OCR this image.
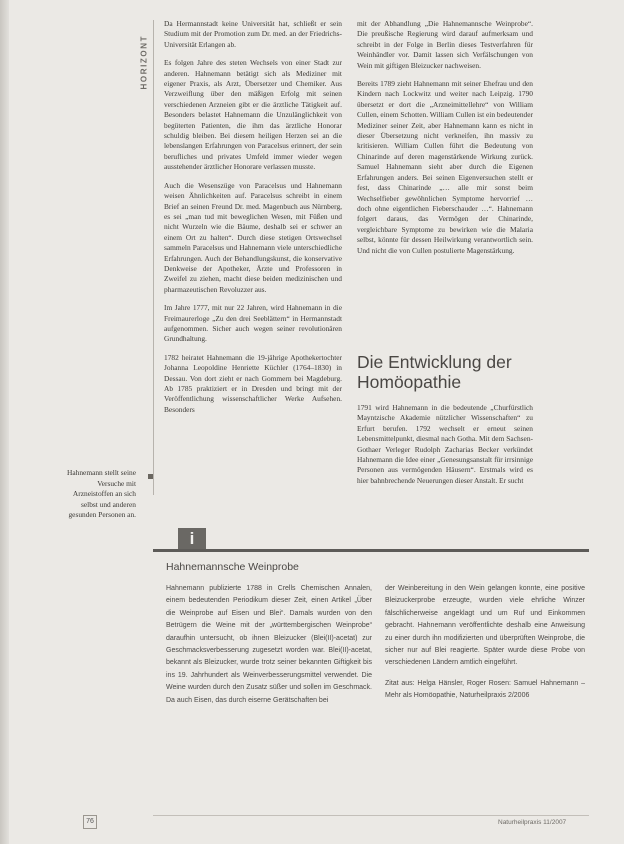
HORIZONT
Hahnemann stellt seine Versuche mit Arzneistoffen an sich selbst und anderen gesunden Personen an.

Da Hermannstadt keine Universität hat, schließt er sein Studium mit der Promotion zum Dr. med. an der Friedrichs-Universität Erlangen ab.

Es folgen Jahre des steten Wechsels von einer Stadt zur anderen. Hahnemann betätigt sich als Mediziner mit eigener Praxis, als Arzt, Übersetzer und Chemiker. Aus Verzweiflung über den mäßigen Erfolg mit seinen verschiedenen Arzneien gibt er die ärztliche Tätigkeit auf. Besonders belastet Hahnemann die Unzulänglichkeit von begüterten Patienten, die ihm das ärztliche Honorar schuldig bleiben. Bei diesem heiligen Herzen sei an die lebenslangen Erfahrungen von Paracelsus erinnert, der sein berufliches und privates Umfeld immer wieder wegen ausstehender ärztlicher Honorare verlassen musste.

Auch die Wesenszüge von Paracelsus und Hahnemann weisen Ähnlichkeiten auf. Paracelsus schreibt in einem Brief an seinen Freund Dr. med. Magenbuch aus Nürnberg, es sei „man tud mit beweglichen Wesen, mit Füßen und nicht Wurzeln wie die Bäume, deshalb sei er schwer an einem Ort zu halten“. Durch diese stetigen Ortswechsel sammeln Paracelsus und Hahnemann viele unterschiedliche Erfahrungen. Auch der Behandlungskunst, die konservative Denkweise der Apotheker, Ärzte und Professoren in Zweifel zu ziehen, macht diese beiden medizinischen und pharmazeutischen Revoluzzer aus.

Im Jahre 1777, mit nur 22 Jahren, wird Hahnemann in die Freimaurerloge „Zu den drei Seeblättern“ in Hermannstadt aufgenommen. Sicher auch wegen seiner revolutionären Grundhaltung.

1782 heiratet Hahnemann die 19-jährige Apothekertochter Johanna Leopoldine Henriette Küchler (1764–1830) in Dessau. Von dort zieht er nach Gommern bei Magdeburg. Ab 1785 praktiziert er in Dresden und bringt mit der Veröffentlichung wissenschaftlicher Werke Aufsehen. Besonders

mit der Abhandlung „Die Hahnemannsche Weinprobe“. Die preußische Regierung wird darauf aufmerksam und schreibt in der Folge in Berlin dieses Testverfahren für Weinhändler vor. Damit lassen sich Verfälschungen von Wein mit giftigen Bleizucker nachweisen.

Bereits 1789 zieht Hahnemann mit seiner Ehefrau und den Kindern nach Lockwitz und weiter nach Leipzig. 1790 übersetzt er dort die „Arzneimittellehre“ von William Cullen, einem Schotten. William Cullen ist ein bedeutender Mediziner seiner Zeit, aber Hahnemann kann es nicht in dieser Übersetzung nicht verkneifen, ihn massiv zu kritisieren. William Cullen führt die Bedeutung von Chinarinde auf deren magenstärkende Wirkung zurück. Samuel Hahnemann sieht aber durch die Eigenen Erfahrungen anders. Bei seinen Eigenversuchen stellt er fest, dass Chinarinde „… alle mir sonst beim Wechselfieber gewöhnlichen Symptome hervorrief … doch ohne eigentlichen Fieberschauder …“. Hahnemann folgert daraus, das Vermögen der Chinarinde, vergleichbare Symptome zu bewirken wie die Malaria selbst, könnte für dessen Heilwirkung verantwortlich sein. Und nicht die von Cullen postulierte Magenstärkung.

Die Entwicklung der Homöopathie

1791 wird Hahnemann in die bedeutende „Churfürstlich Mayntzische Akademie nützlicher Wissenschaften“ zu Erfurt berufen. 1792 wechselt er erneut seinen Lebensmittelpunkt, diesmal nach Gotha. Mit dem Sachsen-Gothaer Verleger Rudolph Zacharias Becker verkündet Hahnemann die Idee einer „Genesungsanstalt für irrsinnige Personen aus vermögenden Häusern“. Erstmals wird es hier bahnbrechende Neuerungen dieser Anstalt. Er sucht

i
Hahnemannsche Weinprobe

Hahnemann publizierte 1788 in Crells Chemischen Annalen, einem bedeutenden Periodikum dieser Zeit, einen Artikel „Über die Weinprobe auf Eisen und Blei“. Damals wurden von den Betrügern die Weine mit der „württembergischen Weinprobe“ daraufhin untersucht, ob ihnen Bleizucker (Blei(II)-acetat) zur Geschmacksverbesserung zugesetzt worden war. Blei(II)-acetat, bekannt als Bleizucker, wurde trotz seiner bekannten Giftigkeit bis ins 19. Jahrhundert als Weinverbesserungsmittel verwendet. Die Weine wurden durch den Zusatz süßer und sollen im Geschmack. Da auch Eisen, das durch eiserne Gerätschaften bei

der Weinbereitung in den Wein gelangen konnte, eine positive Bleizuckerprobe erzeugte, wurden viele ehrliche Winzer fälschlicherweise angeklagt und um Ruf und Einkommen gebracht. Hahnemann veröffentlichte deshalb eine Anweisung zu einer durch ihn modifizierten und überprüften Weinprobe, die sicher nur auf Blei reagierte. Später wurde diese Probe von verschiedenen Ländern amtlich eingeführt.

Zitat aus: Helga Hänsler, Roger Rosen: Samuel Hahnemann – Mehr als Homöopathie, Naturheilpraxis 2/2006

76	Naturheilpraxis 11/2007
